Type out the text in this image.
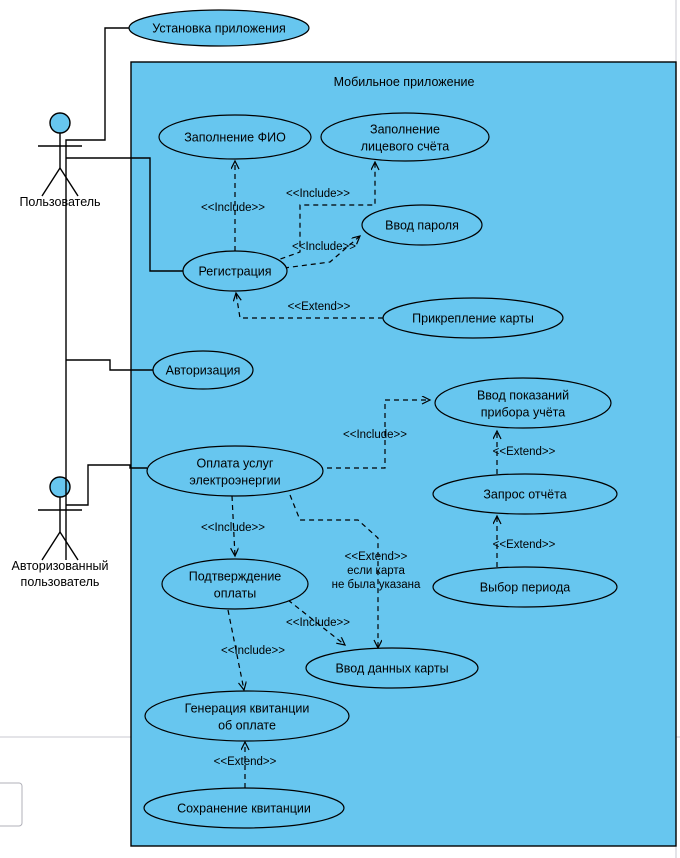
Мобильное приложение
Пользователь
Авторизованный
пользователь
<<Include>>
<<Include>>
<<Include>>
<<Extend>>
<<Include>>
<<Extend>>
<<Extend>>
<<Include>>
<<Extend>>
если карта
не была указана
<<Include>>
<<Include>>
<<Extend>>
Установка приложения
Заполнение ФИО
Заполнение
лицевого счёта
Ввод пароля
Регистрация
Прикрепление карты
Авторизация
Ввод показаний
прибора учёта
Оплата услуг
электроэнергии
Запрос отчёта
Выбор периода
Подтверждение
оплаты
Ввод данных карты
Генерация квитанции
об оплате
Сохранение квитанции
